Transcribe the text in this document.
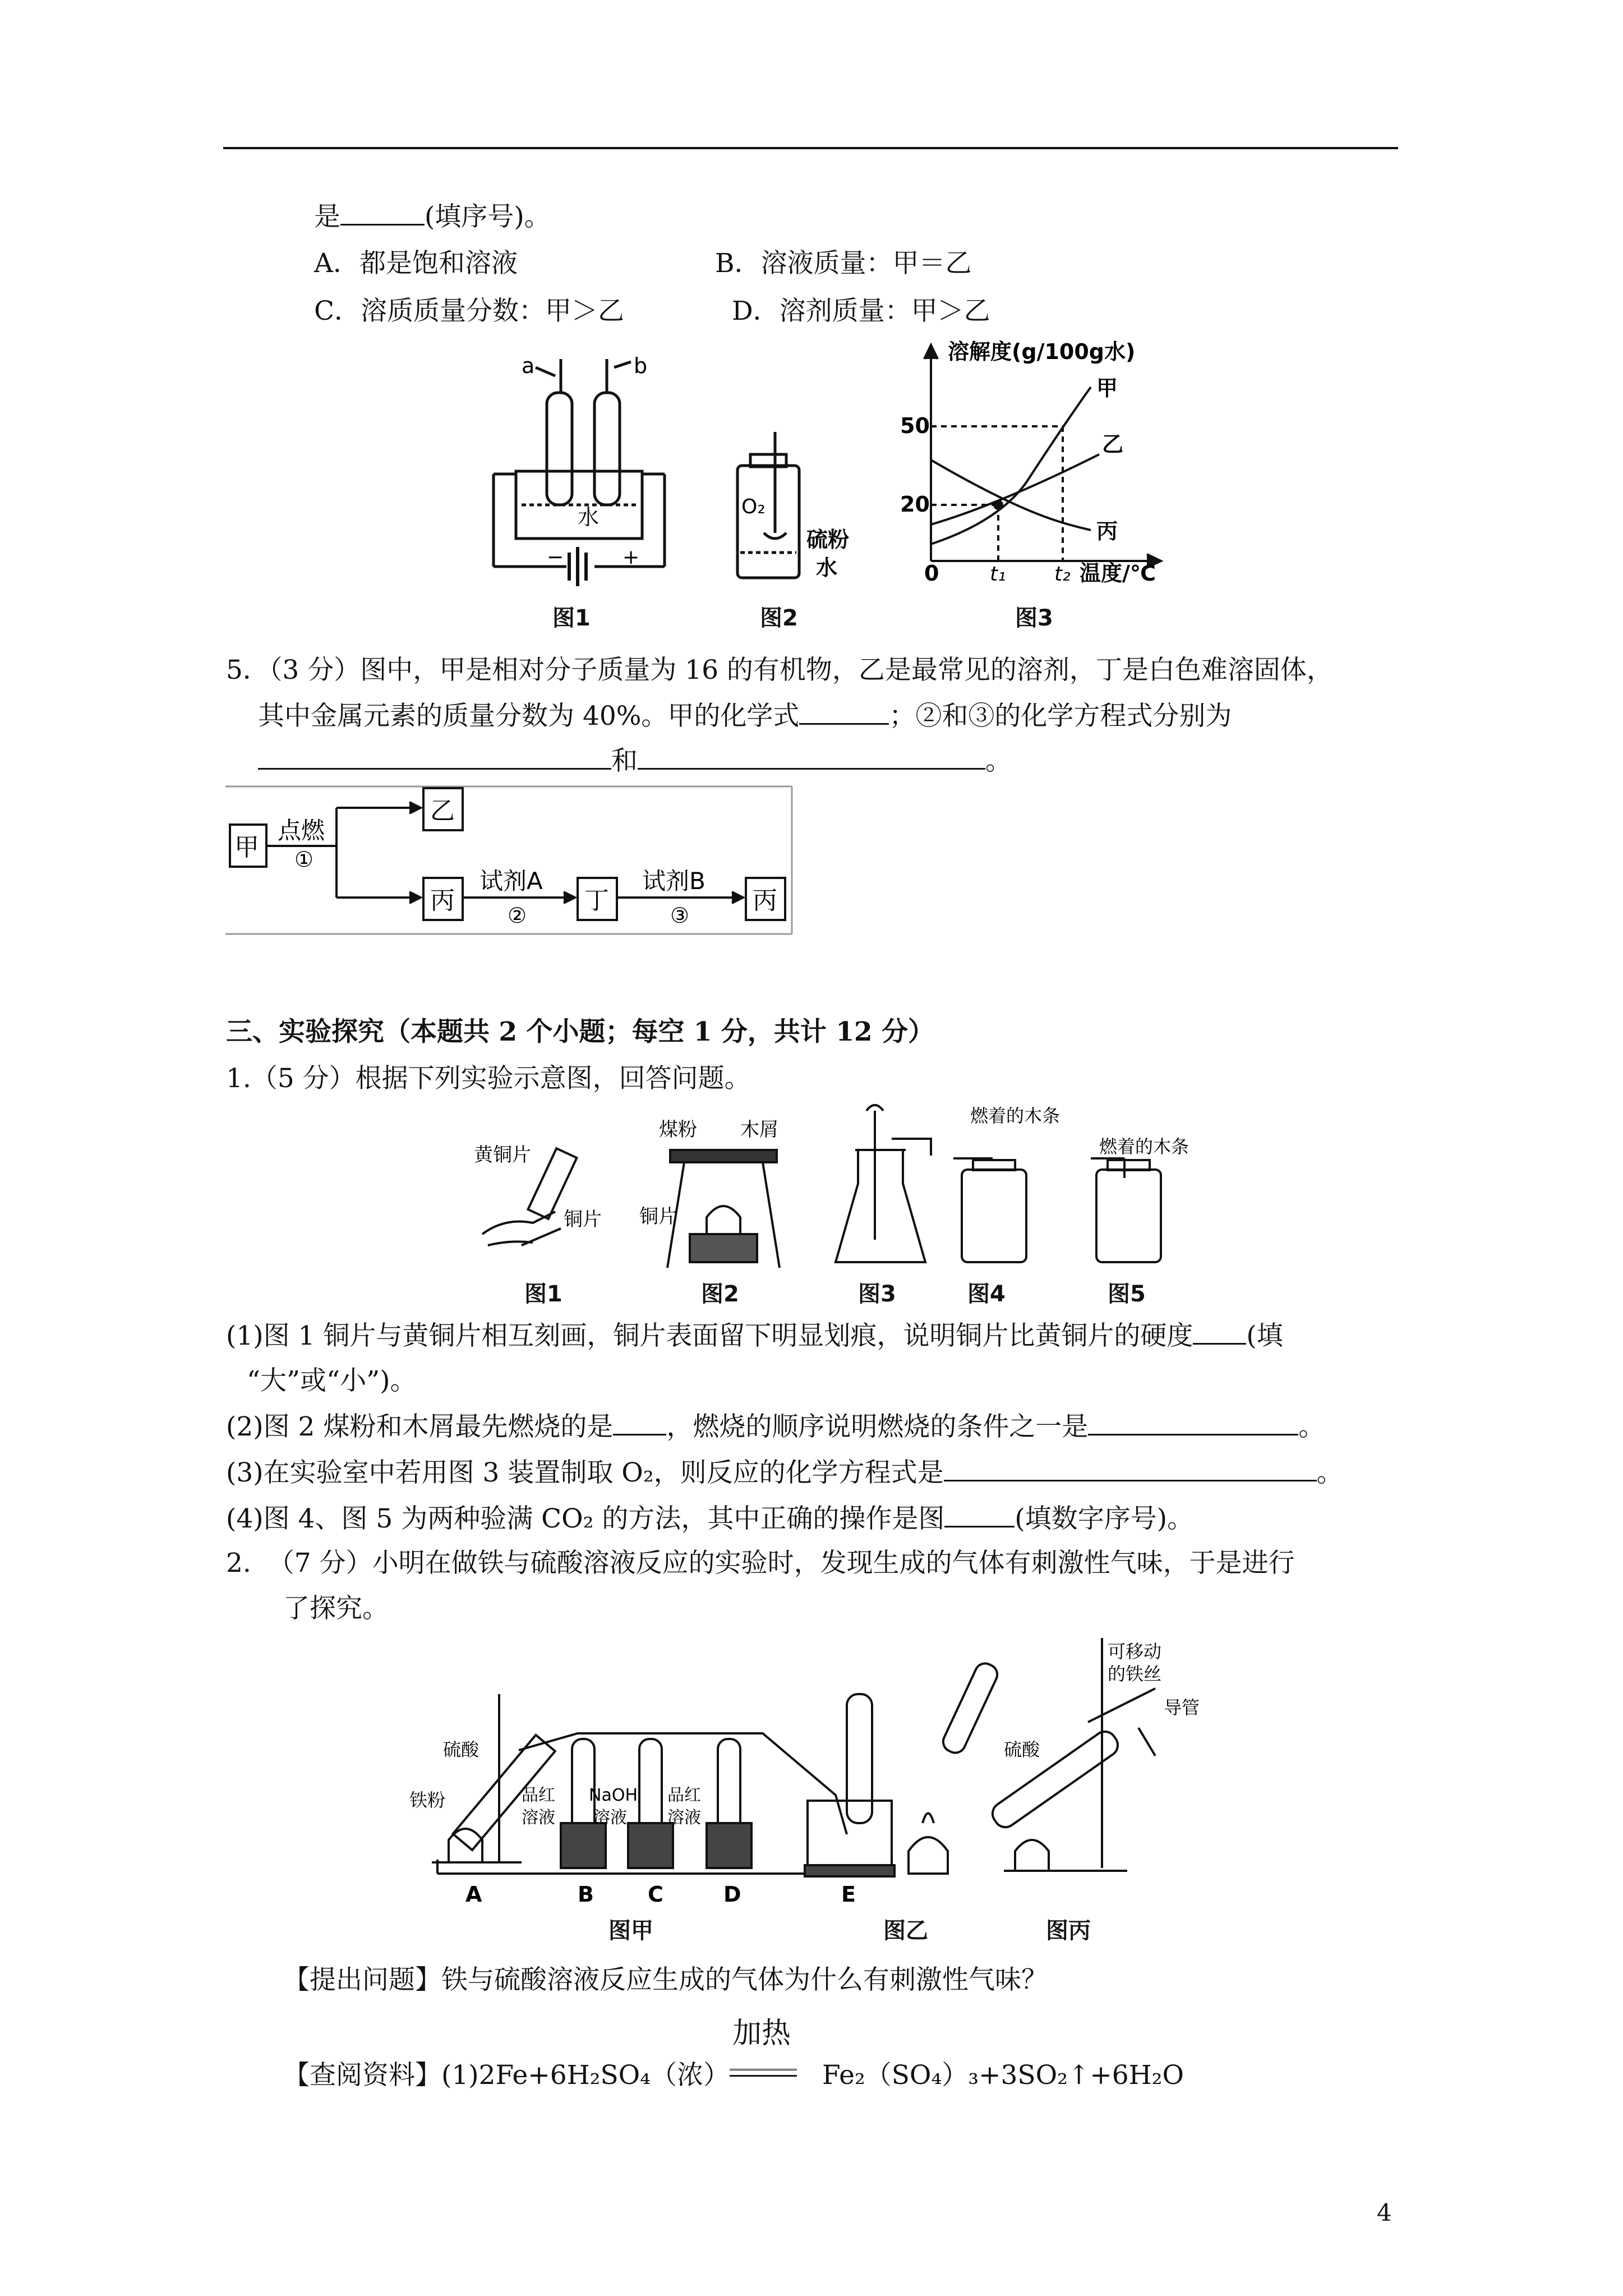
是	(填序号)。
A．都是饱和溶液	B．溶液质量：甲＝乙
C．溶质质量分数：甲＞乙	D．溶剂质量：甲＞乙
a	b
水
−	+
O₂
硫粉
水
溶解度(g/100g水)
50
20
0	t₁ t₂ 温度/℃
甲
乙
丙
图1	图2	图3
5．（3 分）图中，甲是相对分子质量为 16 的有机物，乙是最常见的溶剂，丁是白色难溶固体，
其中金属元素的质量分数为 40%。甲的化学式	；②和③的化学方程式分别为
和	。
甲
点燃
①
乙
丙
试剂A
②
丁
试剂B
③
丙
三、实验探究（本题共 2 个小题；每空 1 分，共计 12 分）
1.（5 分）根据下列实验示意图，回答问题。
黄铜片
铜片
煤粉 木屑
铜片
燃着的木条
燃着的木条
图1	图2	图3	图4	图5
(1)图 1 铜片与黄铜片相互刻画，铜片表面留下明显划痕，说明铜片比黄铜片的硬度 (填
“大”或“小”)。
(2)图 2 煤粉和木屑最先燃烧的是 ，燃烧的顺序说明燃烧的条件之一是	。
(3)在实验室中若用图 3 装置制取 O₂，则反应的化学方程式是	。
(4)图 4、图 5 为两种验满 CO₂ 的方法，其中正确的操作是图	(填数字序号)。
2.  （7 分）小明在做铁与硫酸溶液反应的实验时，发现生成的气体有刺激性气味，于是进行
了探究。
硫酸
铁粉	品红
溶液
NaOH
溶液
品红
溶液
A	B	C	D	E
可移动
的铁丝
导管
硫酸
图甲	图乙	图丙
【提出问题】铁与硫酸溶液反应生成的气体为什么有刺激性气味？
【查阅资料】(1)2Fe+6H₂SO₄（浓）
加热
Fe₂（SO₄）₃+3SO₂↑+6H₂O
4
